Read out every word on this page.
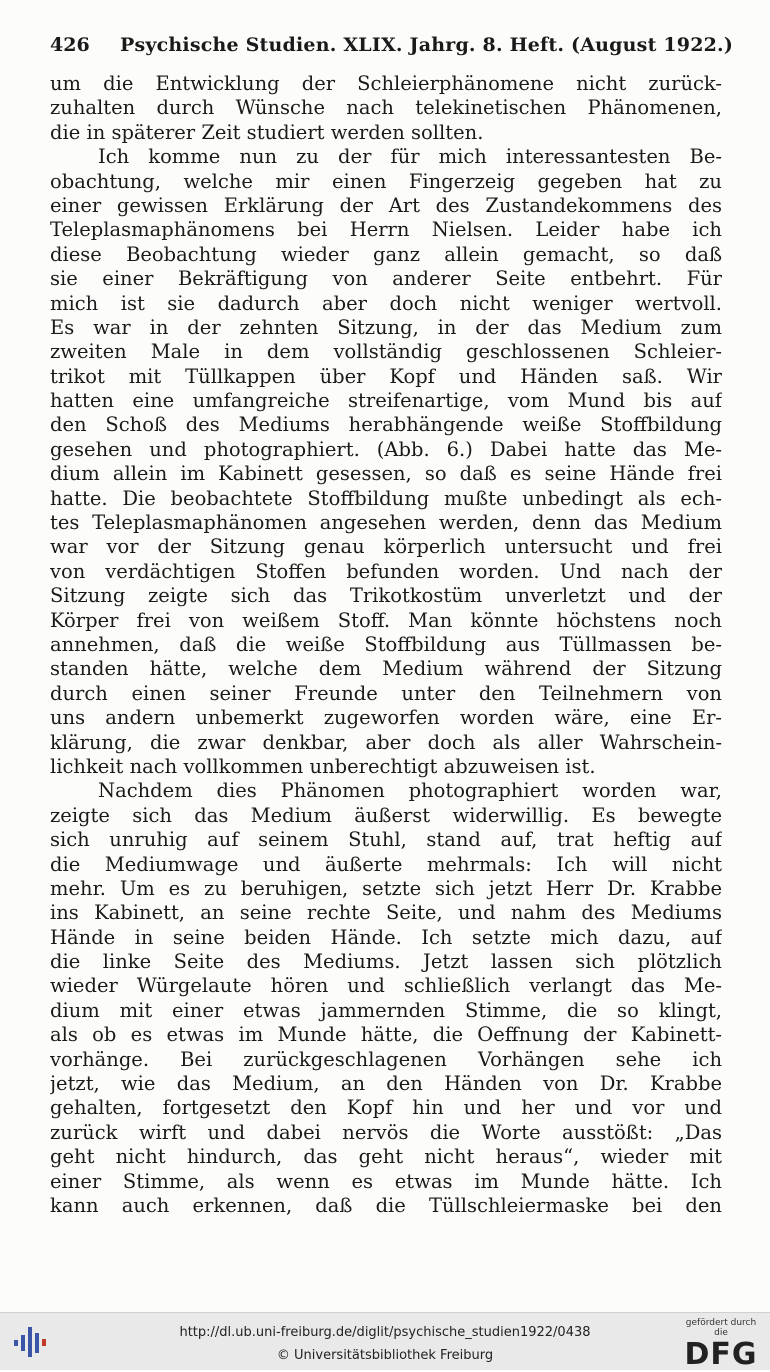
426 Psychische Studien. XLIX. Jahrg. 8. Heft. (August 1922.)
um die Entwicklung der Schleierphänomene nicht zurück-
zuhalten durch Wünsche nach telekinetischen Phänomenen,
die in späterer Zeit studiert werden sollten.
Ich komme nun zu der für mich interessantesten Be-
obachtung, welche mir einen Fingerzeig gegeben hat zu
einer gewissen Erklärung der Art des Zustandekommens des
Teleplasmaphänomens bei Herrn Nielsen. Leider habe ich
diese Beobachtung wieder ganz allein gemacht, so daß
sie einer Bekräftigung von anderer Seite entbehrt. Für
mich ist sie dadurch aber doch nicht weniger wertvoll.
Es war in der zehnten Sitzung, in der das Medium zum
zweiten Male in dem vollständig geschlossenen Schleier-
trikot mit Tüllkappen über Kopf und Händen saß. Wir
hatten eine umfangreiche streifenartige, vom Mund bis auf
den Schoß des Mediums herabhängende weiße Stoffbildung
gesehen und photographiert. (Abb. 6.) Dabei hatte das Me-
dium allein im Kabinett gesessen, so daß es seine Hände frei
hatte. Die beobachtete Stoffbildung mußte unbedingt als ech-
tes Teleplasmaphänomen angesehen werden, denn das Medium
war vor der Sitzung genau körperlich untersucht und frei
von verdächtigen Stoffen befunden worden. Und nach der
Sitzung zeigte sich das Trikotkostüm unverletzt und der
Körper frei von weißem Stoff. Man könnte höchstens noch
annehmen, daß die weiße Stoffbildung aus Tüllmassen be-
standen hätte, welche dem Medium während der Sitzung
durch einen seiner Freunde unter den Teilnehmern von
uns andern unbemerkt zugeworfen worden wäre, eine Er-
klärung, die zwar denkbar, aber doch als aller Wahrschein-
lichkeit nach vollkommen unberechtigt abzuweisen ist.
Nachdem dies Phänomen photographiert worden war,
zeigte sich das Medium äußerst widerwillig. Es bewegte
sich unruhig auf seinem Stuhl, stand auf, trat heftig auf
die Mediumwage und äußerte mehrmals: Ich will nicht
mehr. Um es zu beruhigen, setzte sich jetzt Herr Dr. Krabbe
ins Kabinett, an seine rechte Seite, und nahm des Mediums
Hände in seine beiden Hände. Ich setzte mich dazu, auf
die linke Seite des Mediums. Jetzt lassen sich plötzlich
wieder Würgelaute hören und schließlich verlangt das Me-
dium mit einer etwas jammernden Stimme, die so klingt,
als ob es etwas im Munde hätte, die Oeffnung der Kabinett-
vorhänge. Bei zurückgeschlagenen Vorhängen sehe ich
jetzt, wie das Medium, an den Händen von Dr. Krabbe
gehalten, fortgesetzt den Kopf hin und her und vor und
zurück wirft und dabei nervös die Worte ausstößt: „Das
geht nicht hindurch, das geht nicht heraus“, wieder mit
einer Stimme, als wenn es etwas im Munde hätte. Ich
kann auch erkennen, daß die Tüllschleiermaske bei den
http://dl.ub.uni-freiburg.de/diglit/psychische_studien1922/0438
© Universitätsbibliothek Freiburg
gefördert durch die
DFG
